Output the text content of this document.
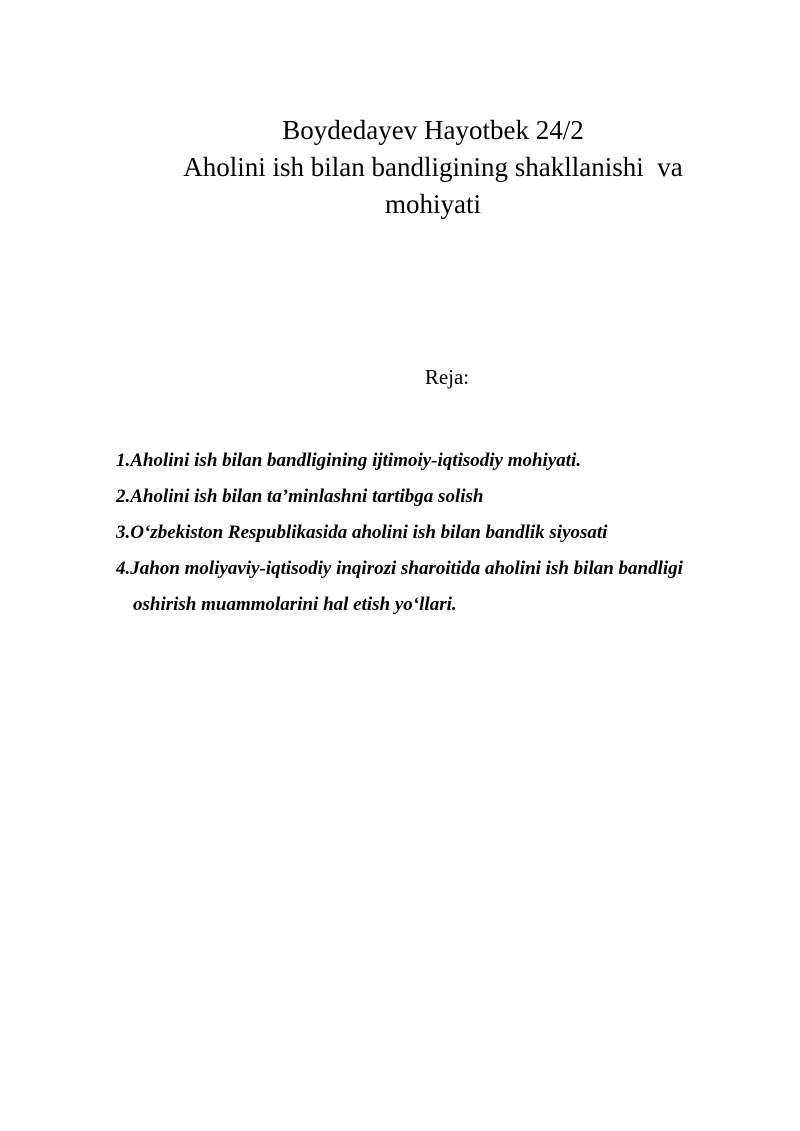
Boydedayev Hayotbek 24/2
Aholini ish bilan bandligining shakllanishi  va
mohiyati
Reja:
1.Aholini ish bilan bandligining ijtimoiy-iqtisodiy mohiyati.
2.Aholini ish bilan ta’minlashni tartibga solish
3.O‘zbekiston Respublikasida aholini ish bilan bandlik siyosati
4.Jahon moliyaviy-iqtisodiy inqirozi sharoitida aholini ish bilan bandligi
oshirish muammolarini hal etish yo‘llari.
